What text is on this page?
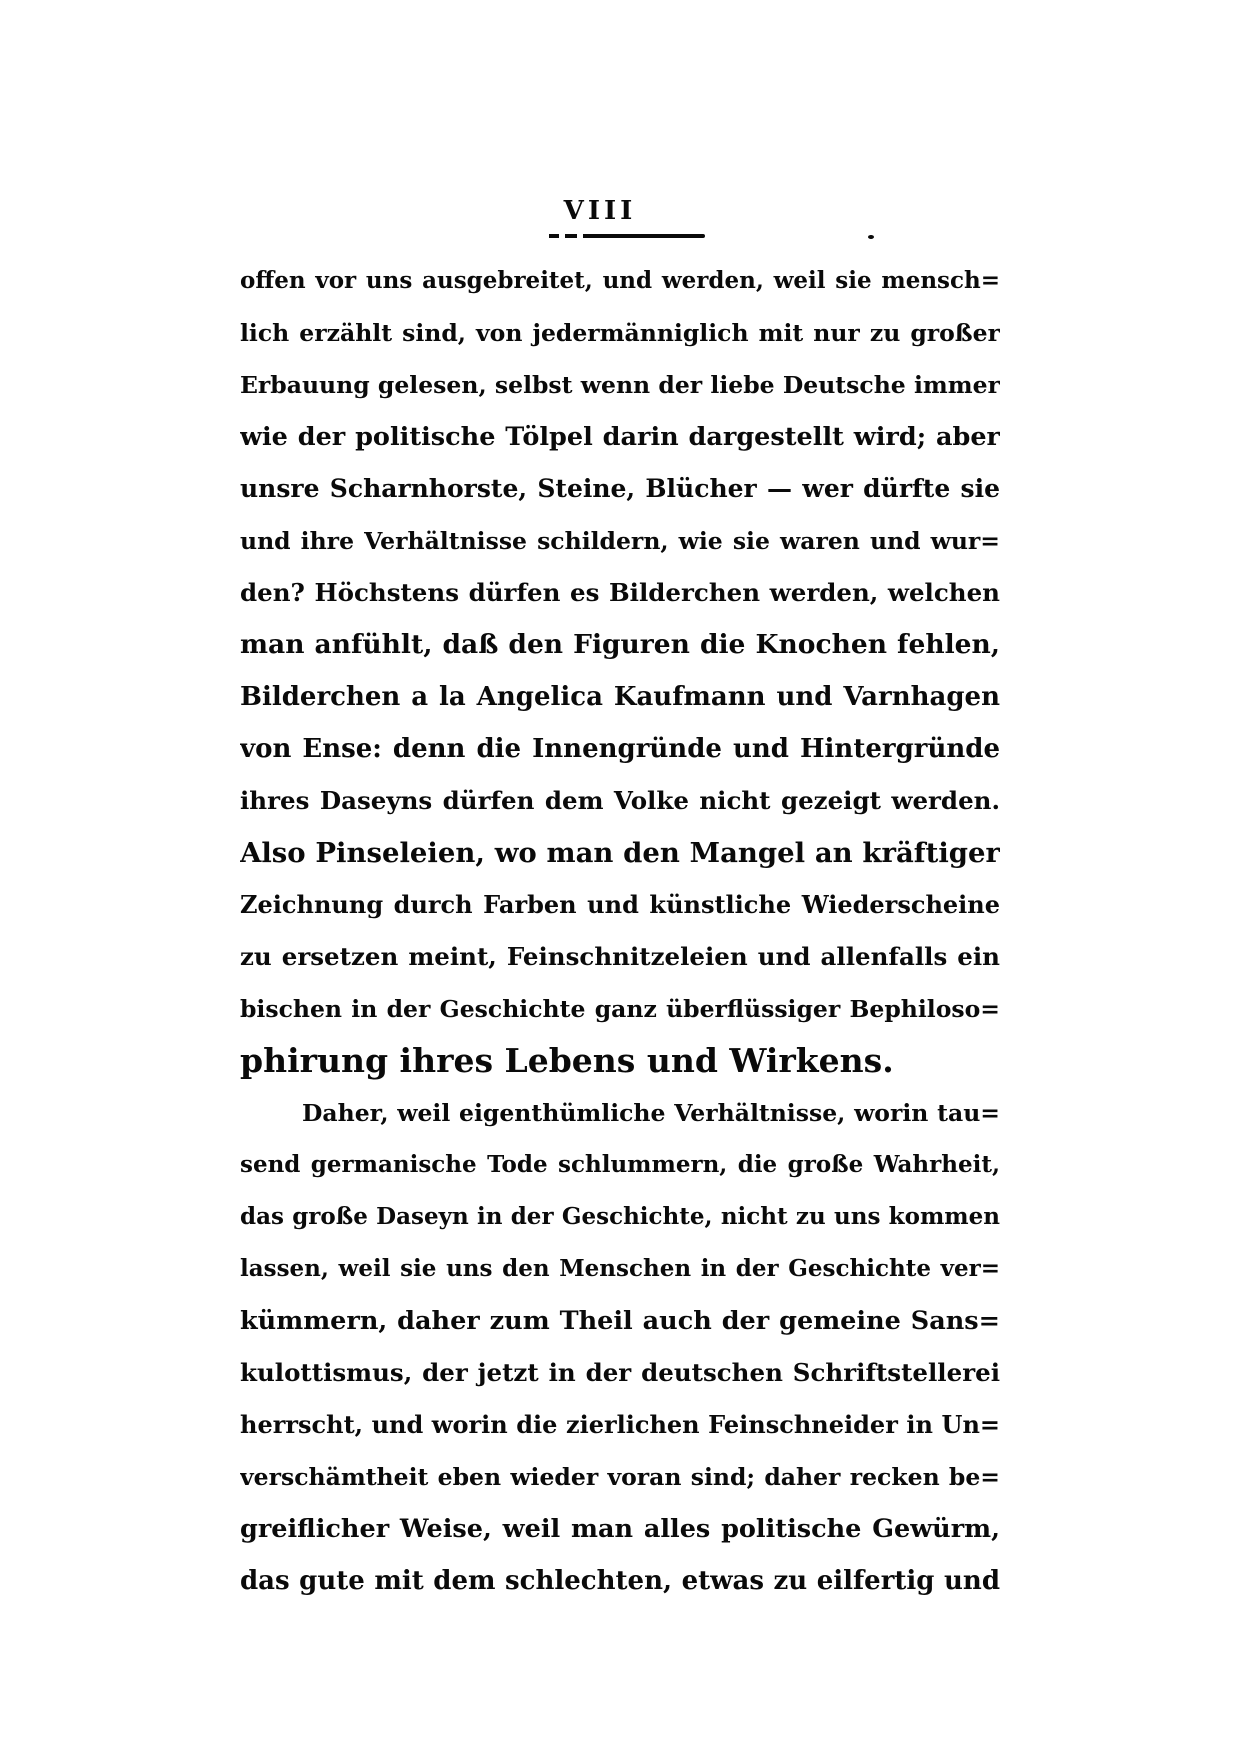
VIII
offen vor uns ausgebreitet, und werden, weil sie mensch=
lich erzählt sind, von jedermänniglich mit nur zu großer
Erbauung gelesen, selbst wenn der liebe Deutsche immer
wie der politische Tölpel darin dargestellt wird; aber
unsre Scharnhorste, Steine, Blücher — wer dürfte sie
und ihre Verhältnisse schildern, wie sie waren und wur=
den? Höchstens dürfen es Bilderchen werden, welchen
man anfühlt, daß den Figuren die Knochen fehlen,
Bilderchen a la Angelica Kaufmann und Varnhagen
von Ense: denn die Innengründe und Hintergründe
ihres Daseyns dürfen dem Volke nicht gezeigt werden.
Also Pinseleien, wo man den Mangel an kräftiger
Zeichnung durch Farben und künstliche Wiederscheine
zu ersetzen meint, Feinschnitzeleien und allenfalls ein
bischen in der Geschichte ganz überflüssiger Bephiloso=
phirung ihres Lebens und Wirkens.
Daher, weil eigenthümliche Verhältnisse, worin tau=
send germanische Tode schlummern, die große Wahrheit,
das große Daseyn in der Geschichte, nicht zu uns kommen
lassen, weil sie uns den Menschen in der Geschichte ver=
kümmern, daher zum Theil auch der gemeine Sans=
kulottismus, der jetzt in der deutschen Schriftstellerei
herrscht, und worin die zierlichen Feinschneider in Un=
verschämtheit eben wieder voran sind; daher recken be=
greiflicher Weise, weil man alles politische Gewürm,
das gute mit dem schlechten, etwas zu eilfertig und
